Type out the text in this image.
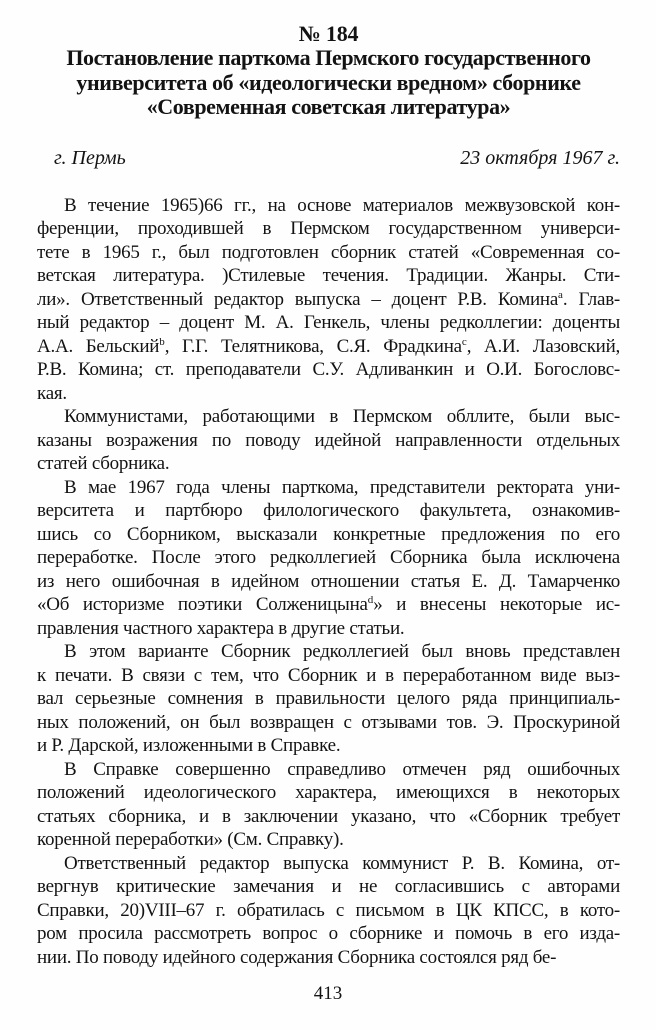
№ 184
Постановление парткома Пермского государственного
университета об «идеологически вредном» сборнике
«Современная советская литература»
г. Пермь	23 октября 1967 г.
В течение 1965)66 гг., на основе материалов межвузовской кон-
ференции, проходившей в Пермском государственном универси-
тете в 1965 г., был подготовлен сборник статей «Современная со-
ветская литература. )Стилевые течения. Традиции. Жанры. Сти-
ли». Ответственный редактор выпуска – доцент Р.В. Комина$^a$. Глав-
ный редактор – доцент М. А. Генкель, члены редколлегии: доценты
А.А. Бельский$^b$, Г.Г. Телятникова, С.Я. Фрадкина$^c$, А.И. Лазовский,
Р.В. Комина; ст. преподаватели С.У. Адливанкин и О.И. Богословс-
кая.
Коммунистами, работающими в Пермском обллите, были выс-
казаны возражения по поводу идейной направленности отдельных
статей сборника.
В мае 1967 года члены парткома, представители ректората уни-
верситета и партбюро филологического факультета, ознакомив-
шись со Сборником, высказали конкретные предложения по его
переработке. После этого редколлегией Сборника была исключена
из него ошибочная в идейном отношении статья Е. Д. Тамарченко
«Об историзме поэтики Солженицына$^d$» и внесены некоторые ис-
правления частного характера в другие статьи.
В этом варианте Сборник редколлегией был вновь представлен
к печати. В связи с тем, что Сборник и в переработанном виде выз-
вал серьезные сомнения в правильности целого ряда принципиаль-
ных положений, он был возвращен с отзывами тов. Э. Проскуриной
и Р. Дарской, изложенными в Справке.
В Справке совершенно справедливо отмечен ряд ошибочных
положений идеологического характера, имеющихся в некоторых
статьях сборника, и в заключении указано, что «Сборник требует
коренной переработки» (См. Справку).
Ответственный редактор выпуска коммунист Р. В. Комина, от-
вергнув критические замечания и не согласившись с авторами
Справки, 20)VIII–67 г. обратилась с письмом в ЦК КПСС, в кото-
ром просила рассмотреть вопрос о сборнике и помочь в его изда-
нии. По поводу идейного содержания Сборника состоялся ряд бе-
413
